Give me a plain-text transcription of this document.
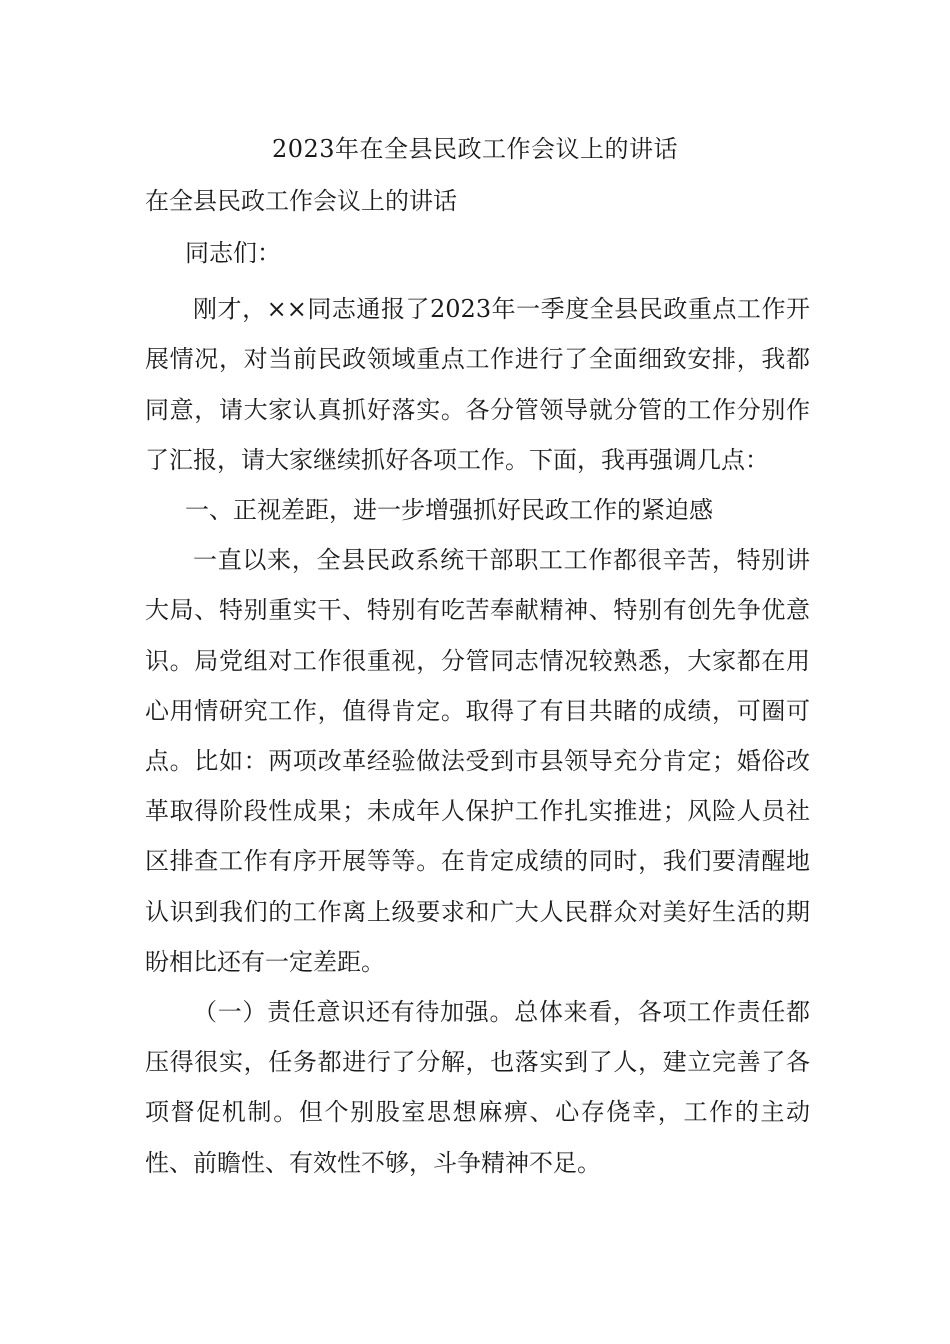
2023年在全县民政工作会议上的讲话

在全县民政工作会议上的讲话

同志们：

刚才，××同志通报了2023年一季度全县民政重点工作开展情况，对当前民政领域重点工作进行了全面细致安排，我都同意，请大家认真抓好落实。各分管领导就分管的工作分别作了汇报，请大家继续抓好各项工作。下面，我再强调几点：

一、正视差距，进一步增强抓好民政工作的紧迫感

一直以来，全县民政系统干部职工工作都很辛苦，特别讲大局、特别重实干、特别有吃苦奉献精神、特别有创先争优意识。局党组对工作很重视，分管同志情况较熟悉，大家都在用心用情研究工作，值得肯定。取得了有目共睹的成绩，可圈可点。比如：两项改革经验做法受到市县领导充分肯定；婚俗改革取得阶段性成果；未成年人保护工作扎实推进；风险人员社区排查工作有序开展等等。在肯定成绩的同时，我们要清醒地认识到我们的工作离上级要求和广大人民群众对美好生活的期盼相比还有一定差距。

（一）责任意识还有待加强。总体来看，各项工作责任都压得很实，任务都进行了分解，也落实到了人，建立完善了各项督促机制。但个别股室思想麻痹、心存侥幸，工作的主动性、前瞻性、有效性不够，斗争精神不足。
